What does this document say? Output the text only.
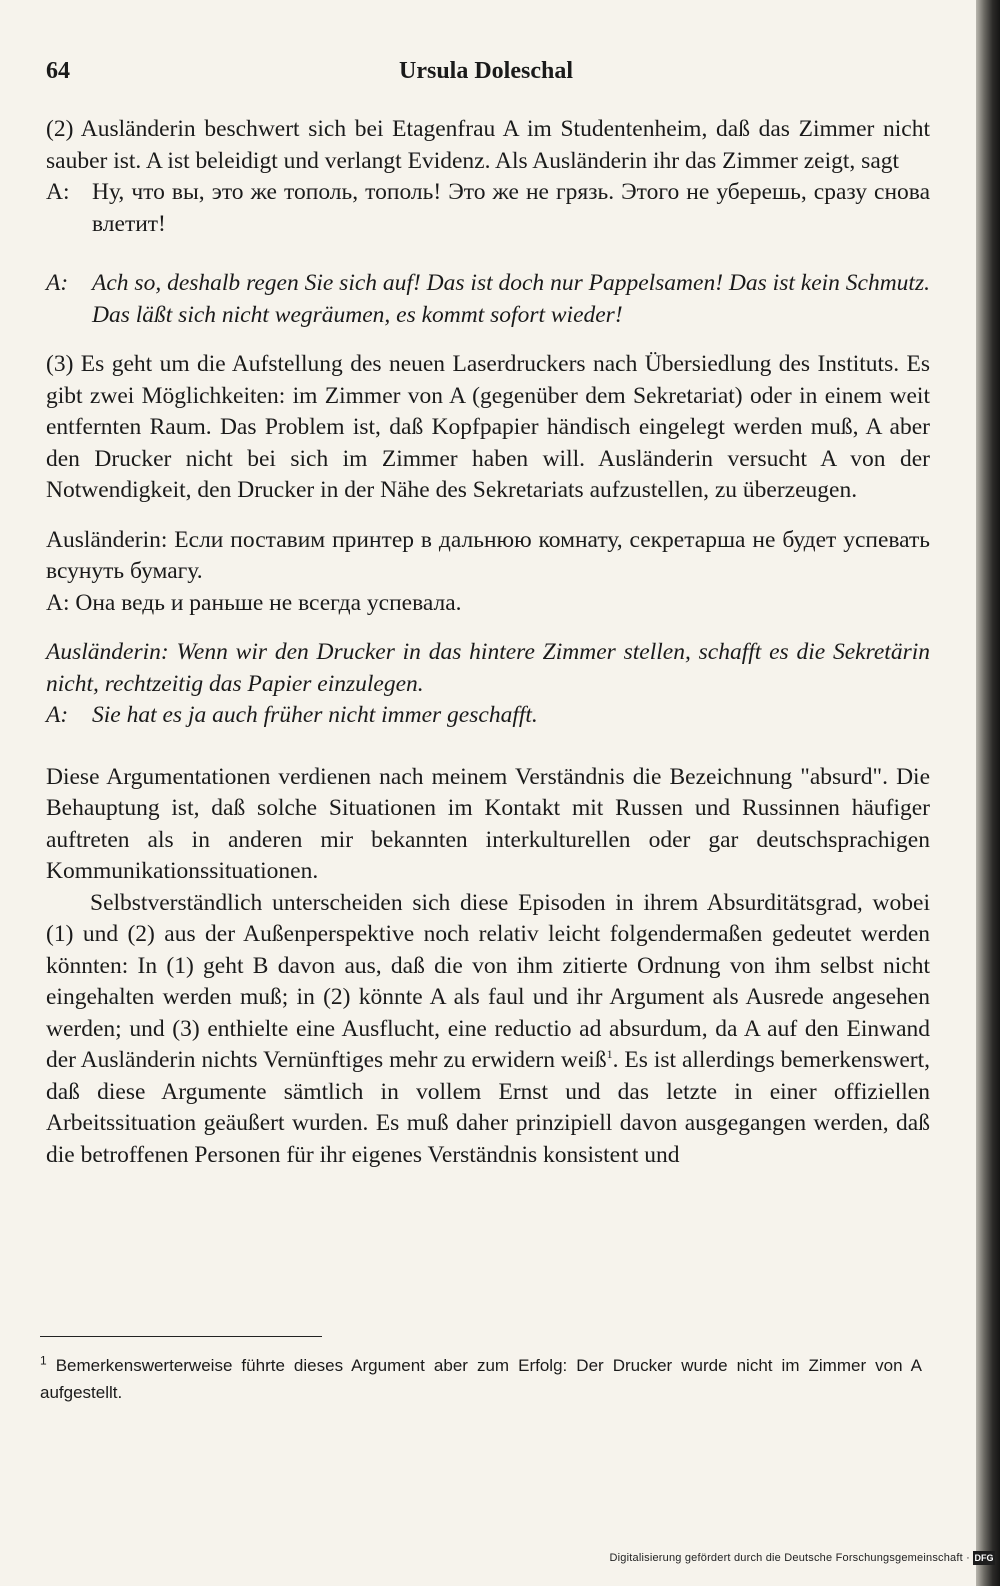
64	Ursula Doleschal

(2) Ausländerin beschwert sich bei Etagenfrau A im Studentenheim, daß das Zimmer nicht sauber ist. A ist beleidigt und verlangt Evidenz. Als Ausländerin ihr das Zimmer zeigt, sagt

A: Ну, что вы, это же тополь, тополь! Это же не грязь. Этого не уберешь, сразу снова влетит!
A:	Ach so, deshalb regen Sie sich auf! Das ist doch nur Pappelsamen! Das ist kein Schmutz. Das läßt sich nicht wegräumen, es kommt sofort wieder!

(3) Es geht um die Aufstellung des neuen Laserdruckers nach Übersiedlung des Instituts. Es gibt zwei Möglichkeiten: im Zimmer von A (gegenüber dem Sekretariat) oder in einem weit entfernten Raum. Das Problem ist, daß Kopfpapier händisch eingelegt werden muß, A aber den Drucker nicht bei sich im Zimmer haben will. Ausländerin versucht A von der Notwendigkeit, den Drucker in der Nähe des Sekretariats aufzustellen, zu überzeugen.

Ausländerin: Если поставим принтер в дальнюю комнату, секретарша не будет успевать всунуть бумагу.

A: Она ведь и раньше не всегда успевала.

Ausländerin: Wenn wir den Drucker in das hintere Zimmer stellen, schafft es die Sekretärin nicht, rechtzeitig das Papier einzulegen.

A:	Sie hat es ja auch früher nicht immer geschafft.

Diese Argumentationen verdienen nach meinem Verständnis die Bezeichnung "absurd". Die Behauptung ist, daß solche Situationen im Kontakt mit Russen und Russinnen häufiger auftreten als in anderen mir bekannten interkulturellen oder gar deutschsprachigen Kommunikationssituationen.

Selbstverständlich unterscheiden sich diese Episoden in ihrem Absurditätsgrad, wobei (1) und (2) aus der Außenperspektive noch relativ leicht folgendermaßen gedeutet werden könnten: In (1) geht B davon aus, daß die von ihm zitierte Ordnung von ihm selbst nicht eingehalten werden muß; in (2) könnte A als faul und ihr Argument als Ausrede angesehen werden; und (3) enthielte eine Ausflucht, eine reductio ad absurdum, da A auf den Einwand der Ausländerin nichts Vernünftiges mehr zu erwidern weiß$^1$. Es ist allerdings bemerkenswert, daß diese Argumente sämtlich in vollem Ernst und das letzte in einer offiziellen Arbeitssituation geäußert wurden. Es muß daher prinzipiell davon ausgegangen werden, daß die betroffenen Personen für ihr eigenes Verständnis konsistent und

$^1$ Bemerkenswerterweise führte dieses Argument aber zum Erfolg: Der Drucker wurde nicht im Zimmer von A aufgestellt.
Digitalisierung gefördert durch die Deutsche Forschungsgemeinschaft · DFG
